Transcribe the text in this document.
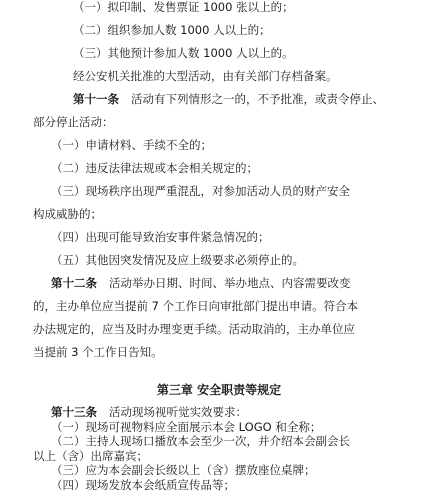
（一）拟印制、发售票证 1000 张以上的；
（二）组织参加人数 1000 人以上的；
（三）其他预计参加人数 1000 人以上的。
经公安机关批准的大型活动，由有关部门存档备案。
第十一条 活动有下列情形之一的，不予批准，或责令停止、
部分停止活动：
（一）申请材料、手续不全的；
（二）违反法律法规或本会相关规定的；
（三）现场秩序出现严重混乱，对参加活动人员的财产安全
构成威胁的；
（四）出现可能导致治安事件紧急情况的；
（五）其他因突发情况及应上级要求必须停止的。
第十二条 活动举办日期、时间、举办地点、内容需要改变
的，主办单位应当提前 7 个工作日向审批部门提出申请。符合本
办法规定的，应当及时办理变更手续。活动取消的，主办单位应
当提前 3 个工作日告知。
第三章 安全职责等规定
第十三条 活动现场视听觉实效要求：
（一）现场可视物料应全面展示本会 LOGO 和全称；
（二）主持人现场口播放本会至少一次，并介绍本会副会长
以上（含）出席嘉宾；
（三）应为本会副会长级以上（含）摆放座位桌牌；
（四）现场发放本会纸质宣传品等；
